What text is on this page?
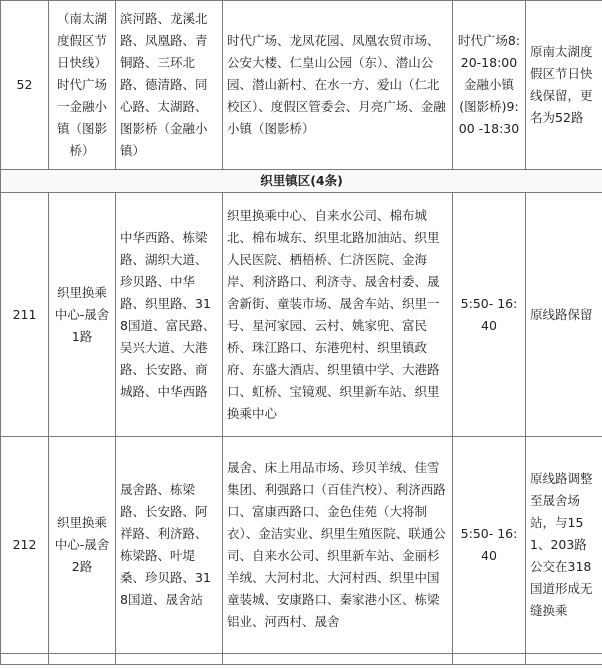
52	（南太湖度假区节日快线）时代广场一金融小镇（图影桥）	滨河路、龙溪北路、凤凰路、青铜路、三环北路、德清路、同心路、太湖路、图影桥（金融小镇）	时代广场、龙凤花园、凤凰农贸市场、公安大楼、仁皇山公园（东）、潜山公园、潜山新村、在水一方、爱山（仁北校区）、度假区管委会、月亮广场、金融小镇（图影桥）	时代广场8:20-18:00金融小镇(图影桥)9:00 -18:30	原南太湖度假区节日快线保留，更名为52路
织里镇区(4条)					
211	织里换乘中心-晟舍1路	中华西路、栋梁路、湖织大道、珍贝路、中华路、织里路、318国道、富民路、吴兴大道、大港路、长安路、商城路、中华西路	织里换乘中心、自来水公司、棉布城北、棉布城东、织里北路加油站、织里人民医院、栖梧桥、仁济医院、金海岸、利济路口、利济寺、晟舍村委、晟舍新街、童装市场、晟舍车站、织里一号、星河家园、云村、姚家兜、富民桥、珠江路口、东港兜村、织里镇政府、东盛大酒店、织里镇中学、大港路口、虹桥、宝镜观、织里新车站、织里换乘中心	5:50- 16:40	原线路保留
212	织里换乘中心-晟舍2路	晟舍路、栋梁路、长安路、阿祥路、利济路、栋梁路、叶堤桑、珍贝路、318国道、晟舍站	晟舍、床上用品市场、珍贝羊绒、佳雪集团、利强路口（百佳汽校）、利济西路口、富康西路口、金色佳苑（大将制衣）、金洁实业、织里生殖医院、联通公司、自来水公司、织里新车站、金丽杉羊绒、大河村北、大河村西、织里中国童装城、安康路口、秦家港小区、栋梁铝业、河西村、晟舍	5:50- 16:40	原线路调整至晟舍场站，与151、203路公交在318国道形成无缝换乘
